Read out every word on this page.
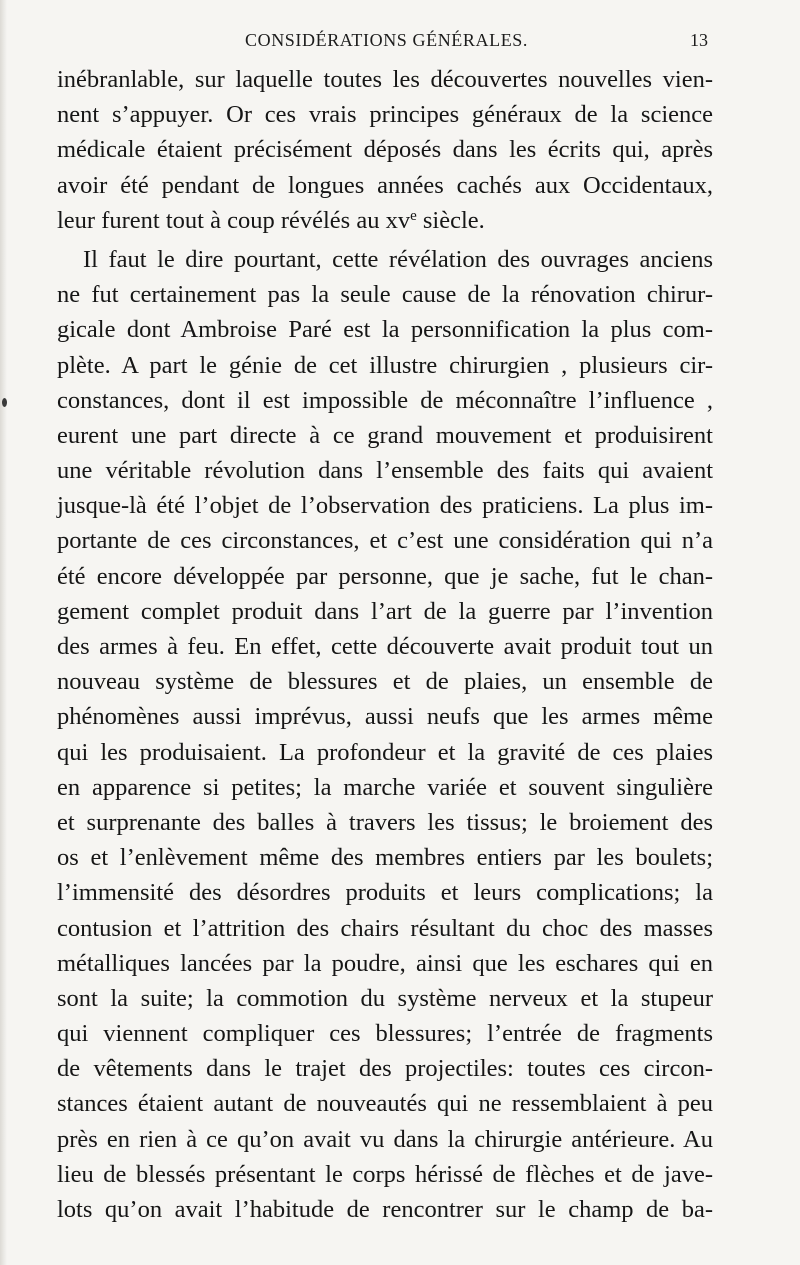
CONSIDÉRATIONS GÉNÉRALES.	13
inébranlable, sur laquelle toutes les découvertes nouvelles vien-
nent s’appuyer. Or ces vrais principes généraux de la science
médicale étaient précisément déposés dans les écrits qui, après
avoir été pendant de longues années cachés aux Occidentaux,
leur furent tout à coup révélés au $xv^e$ siècle.
Il faut le dire pourtant, cette révélation des ouvrages anciens
ne fut certainement pas la seule cause de la rénovation chirur-
gicale dont Ambroise Paré est la personnification la plus com-
plète. A part le génie de cet illustre chirurgien , plusieurs cir-
constances, dont il est impossible de méconnaître l’influence ,
eurent une part directe à ce grand mouvement et produisirent
une véritable révolution dans l’ensemble des faits qui avaient
jusque-là été l’objet de l’observation des praticiens. La plus im-
portante de ces circonstances, et c’est une considération qui n’a
été encore développée par personne, que je sache, fut le chan-
gement complet produit dans l’art de la guerre par l’invention
des armes à feu. En effet, cette découverte avait produit tout un
nouveau système de blessures et de plaies, un ensemble de
phénomènes aussi imprévus, aussi neufs que les armes même
qui les produisaient. La profondeur et la gravité de ces plaies
en apparence si petites; la marche variée et souvent singulière
et surprenante des balles à travers les tissus; le broiement des
os et l’enlèvement même des membres entiers par les boulets;
l’immensité des désordres produits et leurs complications; la
contusion et l’attrition des chairs résultant du choc des masses
métalliques lancées par la poudre, ainsi que les eschares qui en
sont la suite; la commotion du système nerveux et la stupeur
qui viennent compliquer ces blessures; l’entrée de fragments
de vêtements dans le trajet des projectiles: toutes ces circon-
stances étaient autant de nouveautés qui ne ressemblaient à peu
près en rien à ce qu’on avait vu dans la chirurgie antérieure. Au
lieu de blessés présentant le corps hérissé de flèches et de jave-
lots qu’on avait l’habitude de rencontrer sur le champ de ba-
